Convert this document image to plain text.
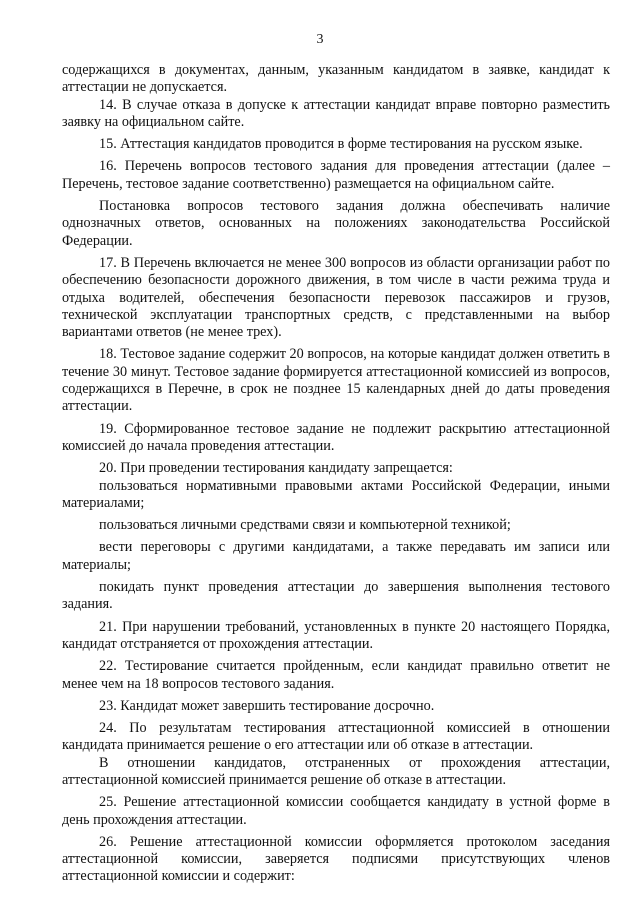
3

содержащихся в документах, данным, указанным кандидатом в заявке, кандидат к аттестации не допускается.

14. В случае отказа в допуске к аттестации кандидат вправе повторно разместить заявку на официальном сайте.

15. Аттестация кандидатов проводится в форме тестирования на русском языке.

16. Перечень вопросов тестового задания для проведения аттестации (далее – Перечень, тестовое задание соответственно) размещается на официальном сайте.

Постановка вопросов тестового задания должна обеспечивать наличие однозначных ответов, основанных на положениях законодательства Российской Федерации.

17. В Перечень включается не менее 300 вопросов из области организации работ по обеспечению безопасности дорожного движения, в том числе в части режима труда и отдыха водителей, обеспечения безопасности перевозок пассажиров и грузов, технической эксплуатации транспортных средств, с представленными на выбор вариантами ответов (не менее трех).

18. Тестовое задание содержит 20 вопросов, на которые кандидат должен ответить в течение 30 минут. Тестовое задание формируется аттестационной комиссией из вопросов, содержащихся в Перечне, в срок не позднее 15 календарных дней до даты проведения аттестации.

19. Сформированное тестовое задание не подлежит раскрытию аттестационной комиссией до начала проведения аттестации.

20. При проведении тестирования кандидату запрещается:

пользоваться нормативными правовыми актами Российской Федерации, иными материалами;

пользоваться личными средствами связи и компьютерной техникой;

вести переговоры с другими кандидатами, а также передавать им записи или материалы;

покидать пункт проведения аттестации до завершения выполнения тестового задания.

21. При нарушении требований, установленных в пункте 20 настоящего Порядка, кандидат отстраняется от прохождения аттестации.

22. Тестирование считается пройденным, если кандидат правильно ответит не менее чем на 18 вопросов тестового задания.

23. Кандидат может завершить тестирование досрочно.

24. По результатам тестирования аттестационной комиссией в отношении кандидата принимается решение о его аттестации или об отказе в аттестации.

В отношении кандидатов, отстраненных от прохождения аттестации, аттестационной комиссией принимается решение об отказе в аттестации.

25. Решение аттестационной комиссии сообщается кандидату в устной форме в день прохождения аттестации.

26. Решение аттестационной комиссии оформляется протоколом заседания аттестационной комиссии, заверяется подписями присутствующих членов аттестационной комиссии и содержит:
